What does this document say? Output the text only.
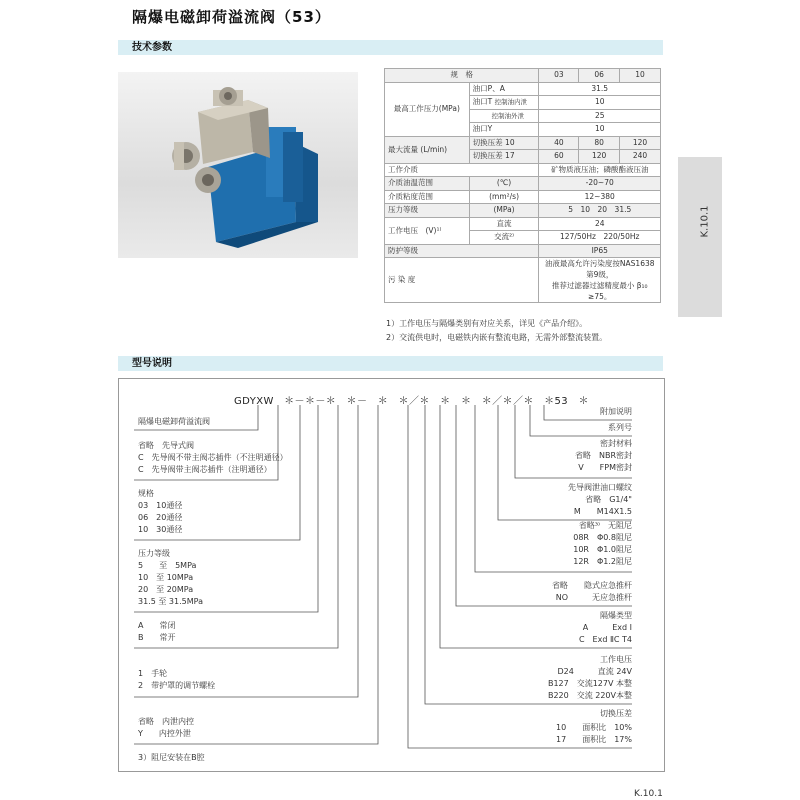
隔爆电磁卸荷溢流阀（53）
技术参数
K.10.1
规　格		03	06	10
最高工作压力(MPa)	油口P、A	31.5		
	油口T 控制油内泄	10		
	控制油外泄	25		
	油口Y	10		
最大流量 (L/min)	切换压差 10	40	80	120
	切换压差 17	60	120	240
工作介质		矿物质液压油；磷酸酯液压油		
介质油温范围	(℃)	-20~70		
介质粘度范围	(mm²/s)	12~380		
压力等级	(MPa)	5　10　20　31.5		
工作电压　 (V)¹⁾	直流	24		
	交流²⁾	127/50Hz　220/50Hz		
防护等级		IP65		
污 染 度		油液最高允许污染度按NAS1638第9级，
推荐过滤器过滤精度最小 β₁₀ ≥75。		
1）工作电压与隔爆类别有对应关系，详见《产品介绍》。
2）交流供电时，电磁铁内嵌有整流电路，无需外部整流装置。
型号说明
GDYXW　＊－＊－＊　＊－　＊　＊／＊　＊　＊　＊／＊／＊　＊53　＊
隔爆电磁卸荷溢流阀
省略　先导式阀
C　先导阀不带主阀芯插件（不注明通径）
C　先导阀带主阀芯插件（注明通径）
规格
03　10通径
06　20通径
10　30通径
压力等级
5　　至　5MPa
10　至 10MPa
20　至 20MPa
31.5 至 31.5MPa
A　　常闭
B　　常开
1　手轮
2　带护罩的调节螺栓
省略　内泄内控
Y　　内控外泄
3）阻尼安装在B腔
附加说明
系列号
密封材料
省略　NBR密封
V　　FPM密封
先导阀泄油口螺纹
省略　G1/4"
M　　M14X1.5
省略³⁾　无阻尼
08R　Φ0.8阻尼
10R　Φ1.0阻尼
12R　Φ1.2阻尼
省略　　隐式应急推杆
NO　　　无应急推杆
隔爆类型
A　　　Exd Ⅰ
C　Exd ⅡC T4
工作电压
D24　　　直流 24V
B127　交流127V 本整
B220　交流 220V本整
切换压差
10　　面积比　10%
17　　面积比　17%
K.10.1
